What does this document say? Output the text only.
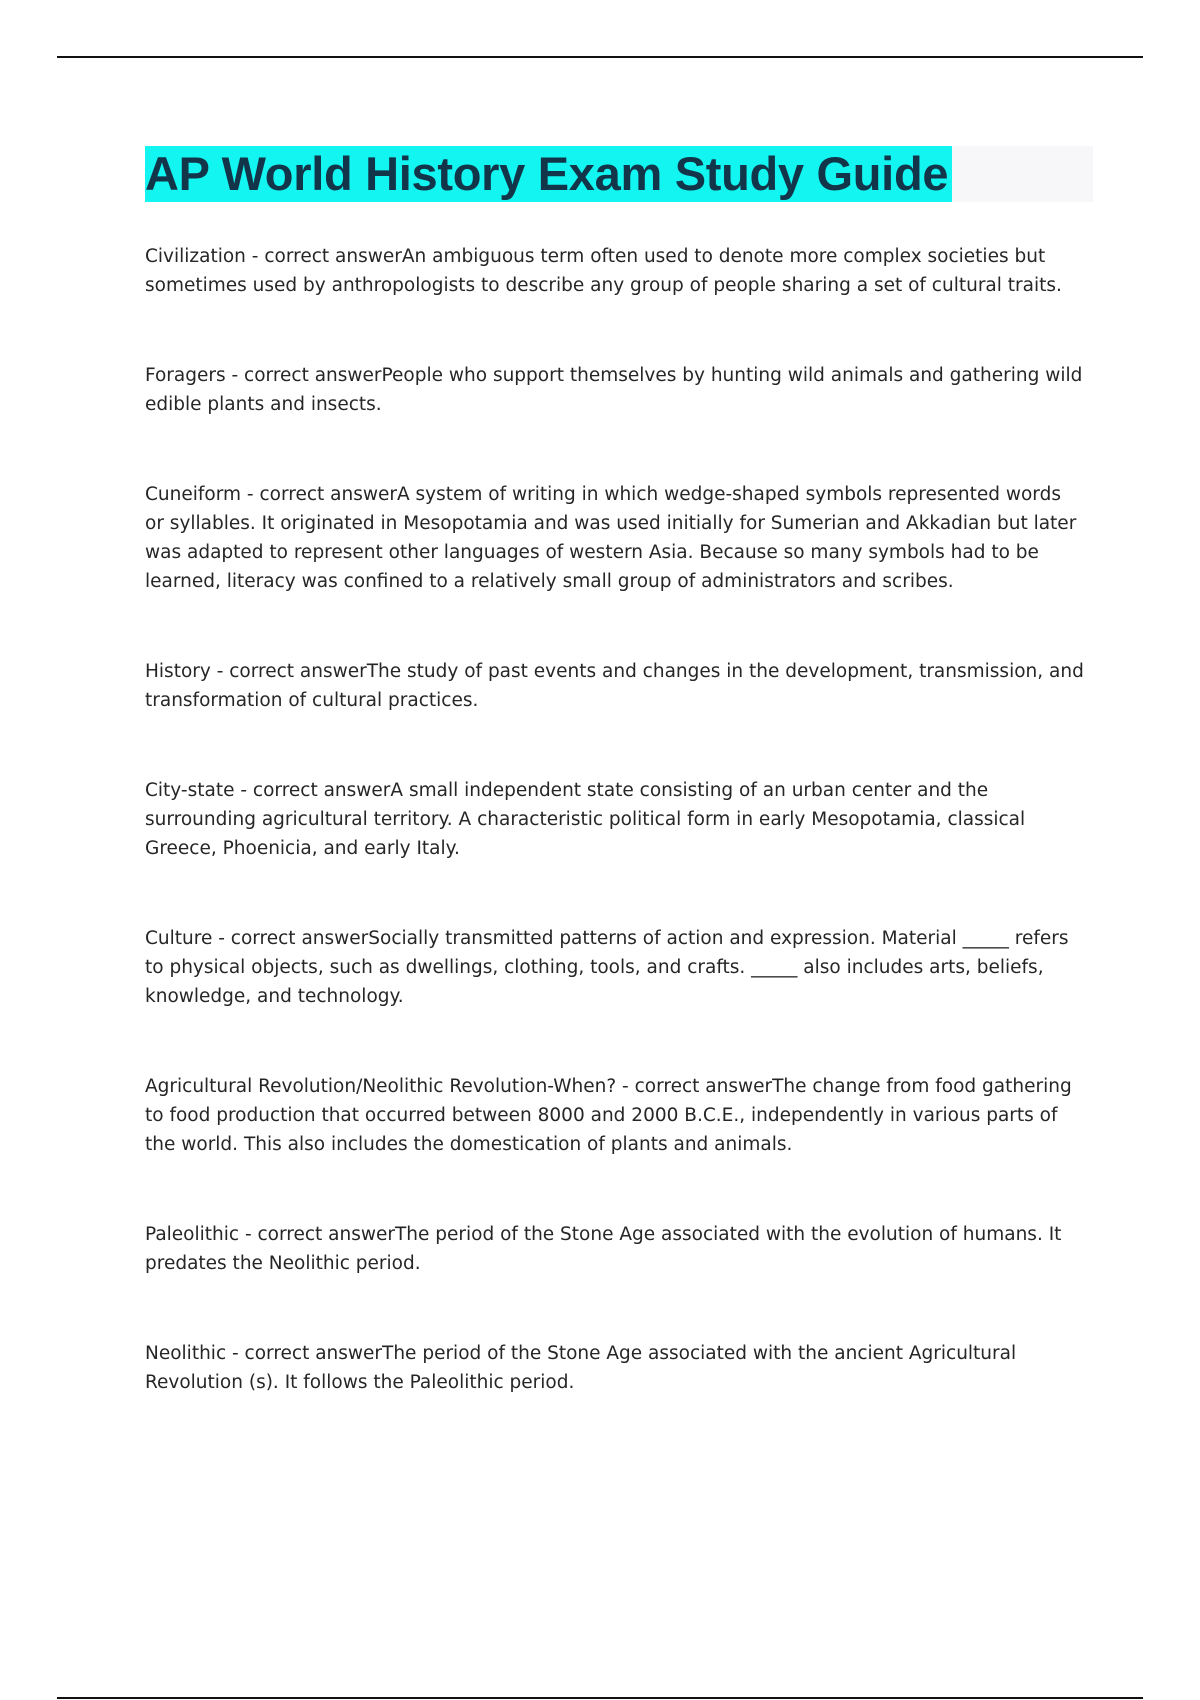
AP World History Exam Study Guide

Civilization - correct answerAn ambiguous term often used to denote more complex societies but sometimes used by anthropologists to describe any group of people sharing a set of cultural traits.

Foragers - correct answerPeople who support themselves by hunting wild animals and gathering wild edible plants and insects.

Cuneiform - correct answerA system of writing in which wedge-shaped symbols represented words or syllables. It originated in Mesopotamia and was used initially for Sumerian and Akkadian but later was adapted to represent other languages of western Asia. Because so many symbols had to be learned, literacy was confined to a relatively small group of administrators and scribes.

History - correct answerThe study of past events and changes in the development, transmission, and transformation of cultural practices.

City-state - correct answerA small independent state consisting of an urban center and the surrounding agricultural territory. A characteristic political form in early Mesopotamia, classical Greece, Phoenicia, and early Italy.

Culture - correct answerSocially transmitted patterns of action and expression. Material _____ refers to physical objects, such as dwellings, clothing, tools, and crafts. _____ also includes arts, beliefs, knowledge, and technology.

Agricultural Revolution/Neolithic Revolution-When? - correct answerThe change from food gathering to food production that occurred between 8000 and 2000 B.C.E., independently in various parts of the world. This also includes the domestication of plants and animals.

Paleolithic - correct answerThe period of the Stone Age associated with the evolution of humans. It predates the Neolithic period.

Neolithic - correct answerThe period of the Stone Age associated with the ancient Agricultural Revolution (s). It follows the Paleolithic period.
